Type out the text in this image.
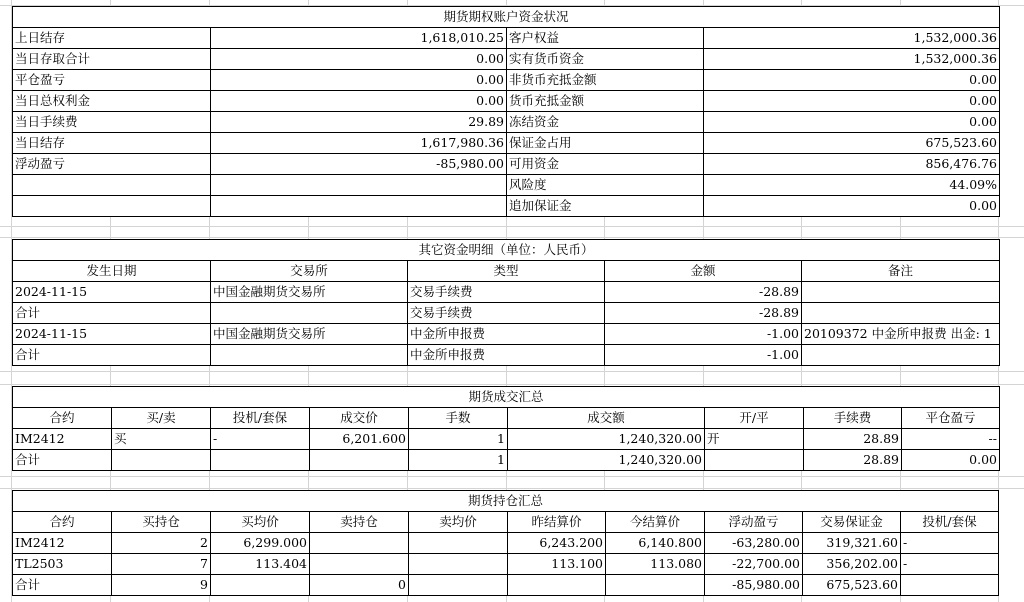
期货期权账户资金状况			
上日结存	1,618,010.25	客户权益	1,532,000.36
当日存取合计	0.00	实有货币资金	1,532,000.36
平仓盈亏	0.00	非货币充抵金额	0.00
当日总权利金	0.00	货币充抵金额	0.00
当日手续费	29.89	冻结资金	0.00
当日结存	1,617,980.36	保证金占用	675,523.60
浮动盈亏	-85,980.00	可用资金	856,476.76
		风险度	44.09%
		追加保证金	0.00
其它资金明细（单位：人民币）				
发生日期	交易所	类型	金额	备注
2024-11-15	中国金融期货交易所	交易手续费	-28.89	
合计		交易手续费	-28.89	
2024-11-15	中国金融期货交易所	中金所申报费	-1.00	20109372 中金所申报费 出金: 1
合计		中金所申报费	-1.00	
期货成交汇总								
合约	买/卖	投机/套保	成交价	手数	成交额	开/平	手续费	平仓盈亏
IM2412	买	-	6,201.600	1	1,240,320.00	开	28.89	--
合计				1	1,240,320.00		28.89	0.00
期货持仓汇总									
合约	买持仓	买均价	卖持仓	卖均价	昨结算价	今结算价	浮动盈亏	交易保证金	投机/套保
IM2412	2	6,299.000			6,243.200	6,140.800	-63,280.00	319,321.60	-
TL2503	7	113.404			113.100	113.080	-22,700.00	356,202.00	-
合计	9		0				-85,980.00	675,523.60	
